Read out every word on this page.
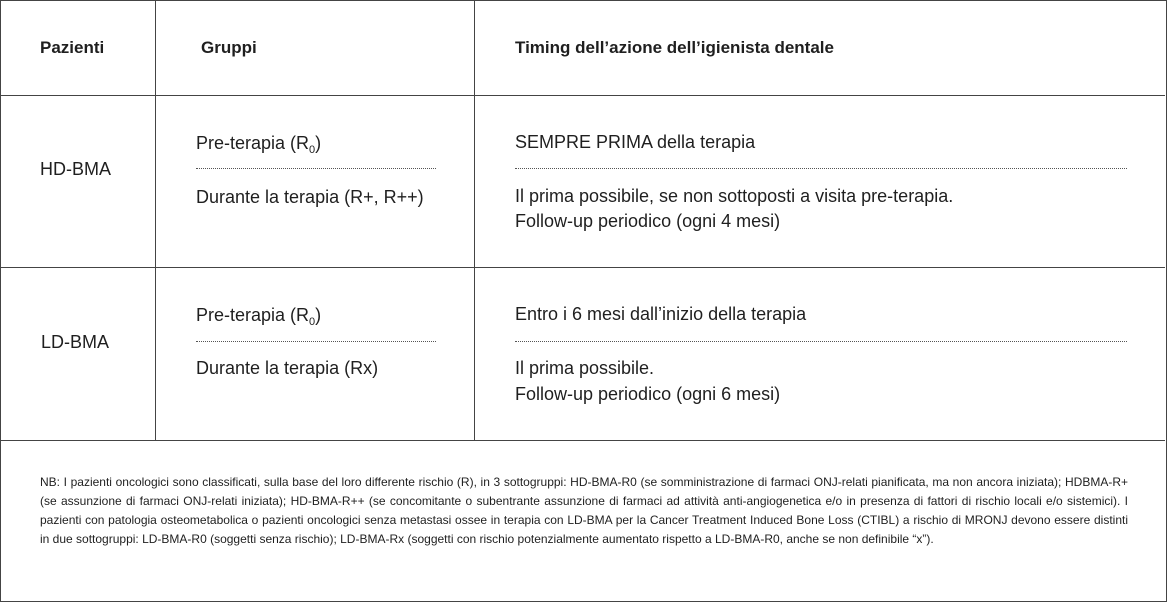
Pazienti	Gruppi	Timing dell’azione dell’igienista dentale
HD-BMA
Pre-terapia $(R_0)$
Durante la terapia (R+, R++)
SEMPRE PRIMA della terapia
Il prima possibile, se non sottoposti a visita pre-terapia.
Follow-up periodico (ogni 4 mesi)
LD-BMA
Pre-terapia $(R_0)$
Durante la terapia (Rx)
Entro i 6 mesi dall’inizio della terapia
Il prima possibile.
Follow-up periodico (ogni 6 mesi)
NB: I pazienti oncologici sono classificati, sulla base del loro differente rischio (R), in 3 sottogruppi: HD-BMA-R0 (se somministrazione di farmaci ONJ-relati pianificata, ma non ancora iniziata); HDBMA-R+ (se assunzione di farmaci ONJ-relati iniziata); HD-BMA-R++ (se concomitante o subentrante assunzione di farmaci ad attività anti-angiogenetica e/o in presenza di fattori di rischio locali e/o sistemici). I pazienti con patologia osteometabolica o pazienti oncologici senza metastasi ossee in terapia con LD-BMA per la Cancer Treatment Induced Bone Loss (CTIBL) a rischio di MRONJ devono essere distinti in due sottogruppi: LD-BMA-R0 (soggetti senza rischio); LD-BMA-Rx (soggetti con rischio potenzialmente aumentato rispetto a LD-BMA-R0, anche se non definibile “x”).
